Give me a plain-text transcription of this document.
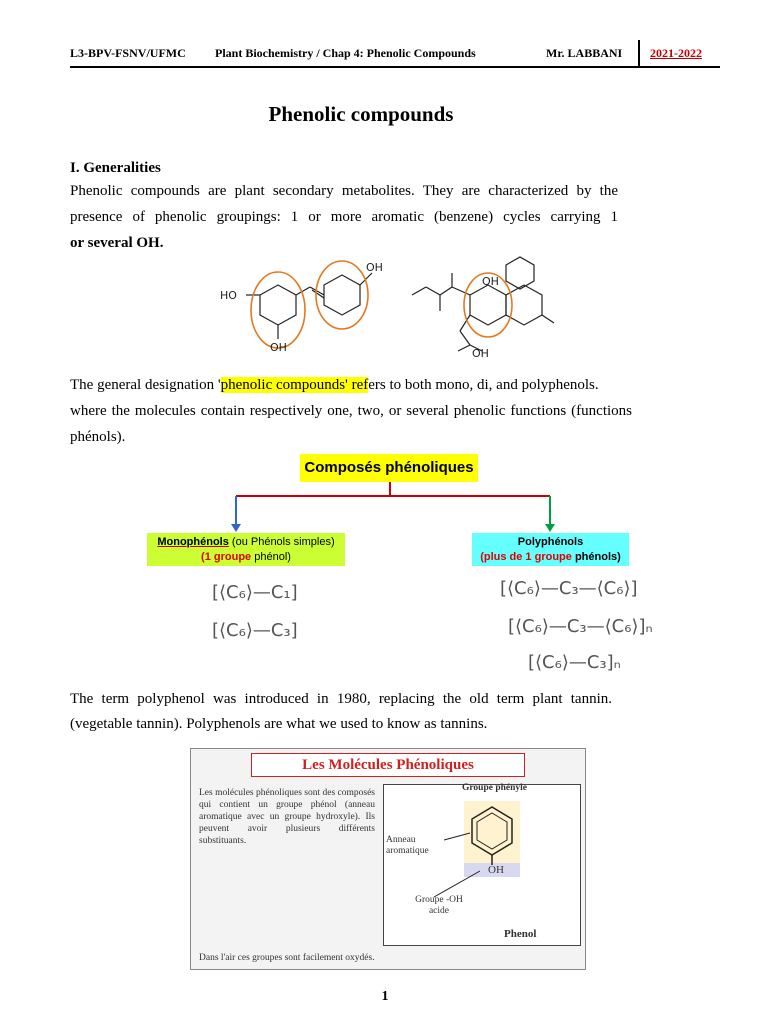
L3-BPV-FSNV/UFMC Plant Biochemistry / Chap 4: Phenolic Compounds	Mr. LABBANI	2021-2022
Phenolic compounds
I. Generalities
Phenolic compounds are plant secondary metabolites. They are characterized by the
presence of phenolic groupings: 1 or more aromatic (benzene) cycles carrying 1
or several OH.
HO
OH
OH
OH
OH
The general designation 'phenolic compounds' refers to both mono, di, and polyphenols.
where the molecules contain respectively one, two, or several phenolic functions (functions
phénols).
Composés phénoliques
Monophénols (ou Phénols simples)
(1 groupe phénol)
Polyphénols
(plus de 1 groupe phénols)
[⟨C₆⟩—C₁]
[⟨C₆⟩—C₃]
[⟨C₆⟩—C₃—⟨C₆⟩]
[⟨C₆⟩—C₃—⟨C₆⟩]ₙ
[⟨C₆⟩—C₃]ₙ
The term polyphenol was introduced in 1980, replacing the old term plant tannin.
(vegetable tannin). Polyphenols are what we used to know as tannins.
Les Molécules Phénoliques
Les molécules phénoliques sont des composés qui contient un groupe phénol (anneau aromatique avec un groupe hydroxyle). Ils peuvent avoir plusieurs différents substituants.
Groupe phényle
Anneau aromatique
OH
Groupe -OH acide
Phenol
Dans l'air ces groupes sont facilement oxydés.
1
